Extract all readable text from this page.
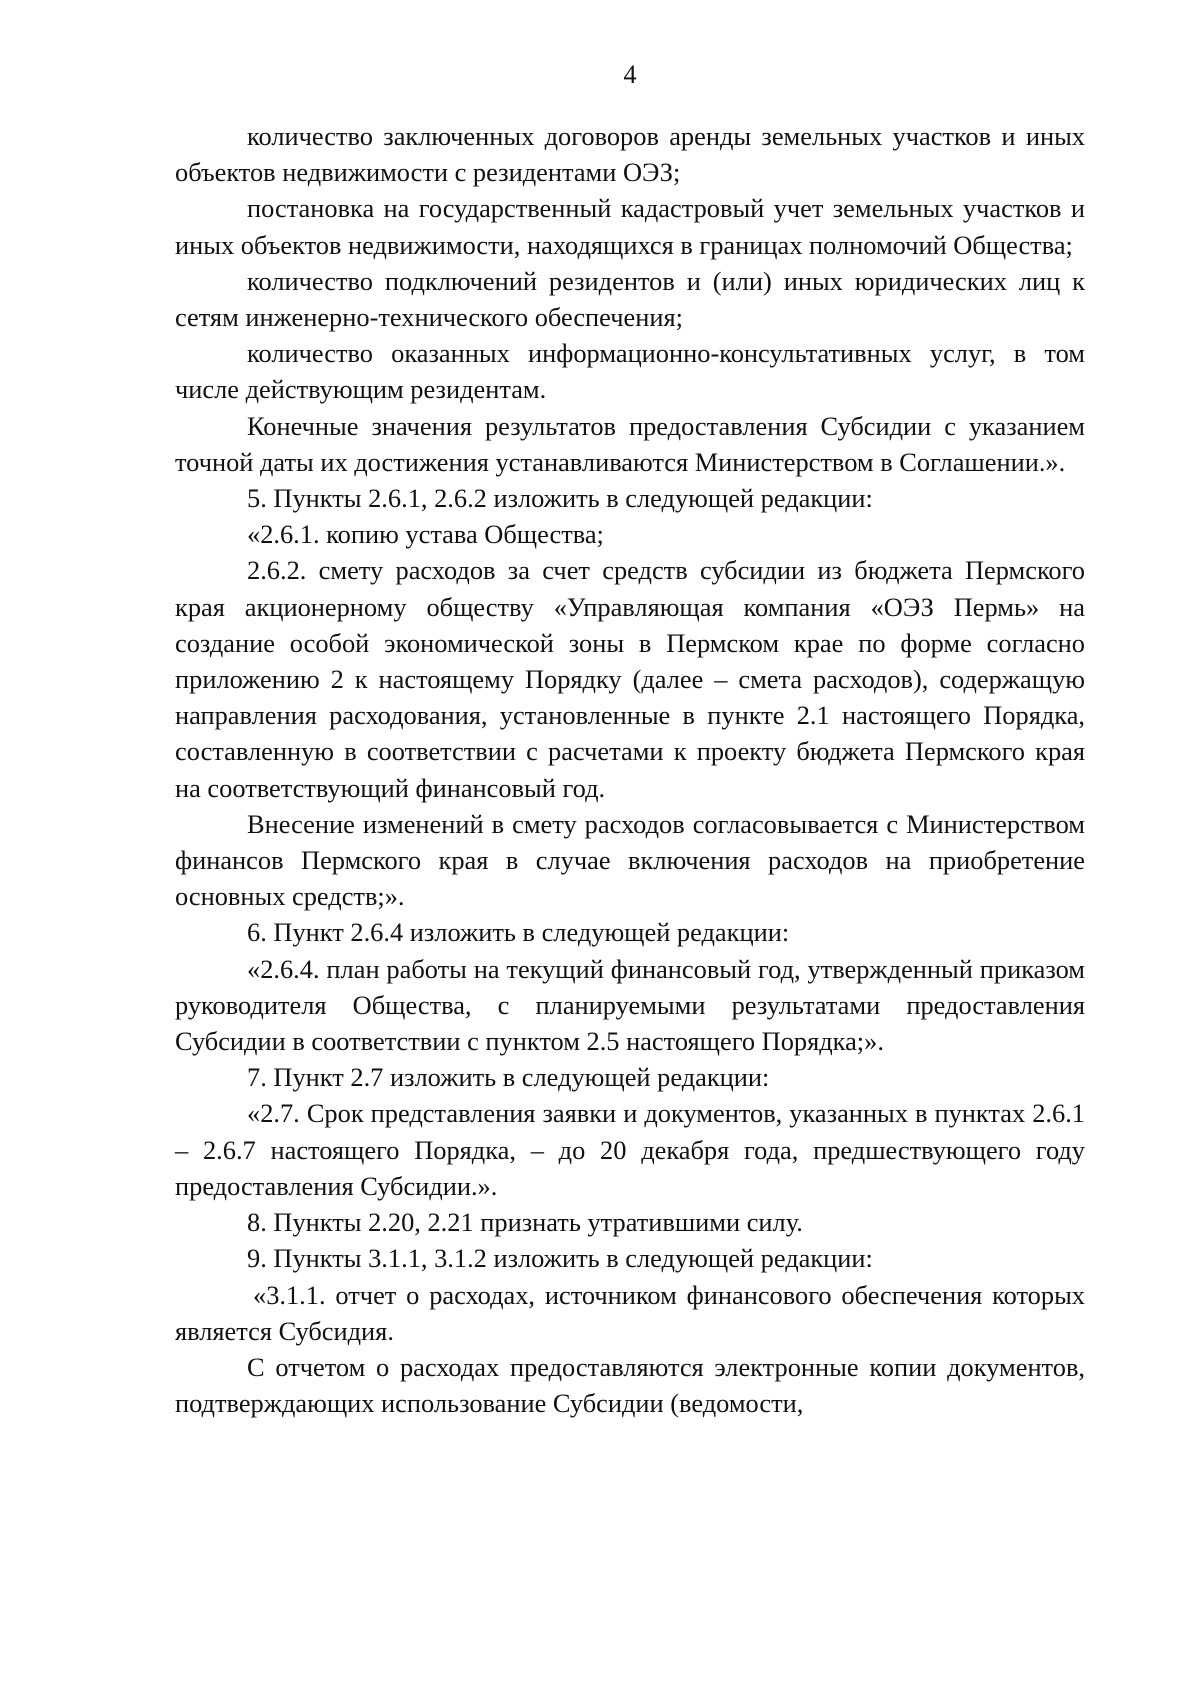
4

количество заключенных договоров аренды земельных участков и иных объектов недвижимости с резидентами ОЭЗ;

постановка на государственный кадастровый учет земельных участков и иных объектов недвижимости, находящихся в границах полномочий Общества;

количество подключений резидентов и (или) иных юридических лиц к сетям инженерно-технического обеспечения;

количество оказанных информационно-консультативных услуг, в том числе действующим резидентам.

Конечные значения результатов предоставления Субсидии с указанием точной даты их достижения устанавливаются Министерством в Соглашении.».

5. Пункты 2.6.1, 2.6.2 изложить в следующей редакции:

«2.6.1. копию устава Общества;

2.6.2. смету расходов за счет средств субсидии из бюджета Пермского края акционерному обществу «Управляющая компания «ОЭЗ Пермь» на создание особой экономической зоны в Пермском крае по форме согласно приложению 2 к настоящему Порядку (далее – смета расходов), содержащую направления расходования, установленные в пункте 2.1 настоящего Порядка, составленную в соответствии с расчетами к проекту бюджета Пермского края на соответствующий финансовый год.

Внесение изменений в смету расходов согласовывается с Министерством финансов Пермского края в случае включения расходов на приобретение основных средств;».

6. Пункт 2.6.4 изложить в следующей редакции:

«2.6.4. план работы на текущий финансовый год, утвержденный приказом руководителя Общества, с планируемыми результатами предоставления Субсидии в соответствии с пунктом 2.5 настоящего Порядка;».

7. Пункт 2.7 изложить в следующей редакции:

«2.7. Срок представления заявки и документов, указанных в пунктах 2.6.1 – 2.6.7 настоящего Порядка, – до 20 декабря года, предшествующего году предоставления Субсидии.».

8. Пункты 2.20, 2.21 признать утратившими силу.

9. Пункты 3.1.1, 3.1.2 изложить в следующей редакции:

«3.1.1. отчет о расходах, источником финансового обеспечения которых является Субсидия.

С отчетом о расходах предоставляются электронные копии документов, подтверждающих использование Субсидии (ведомости,
